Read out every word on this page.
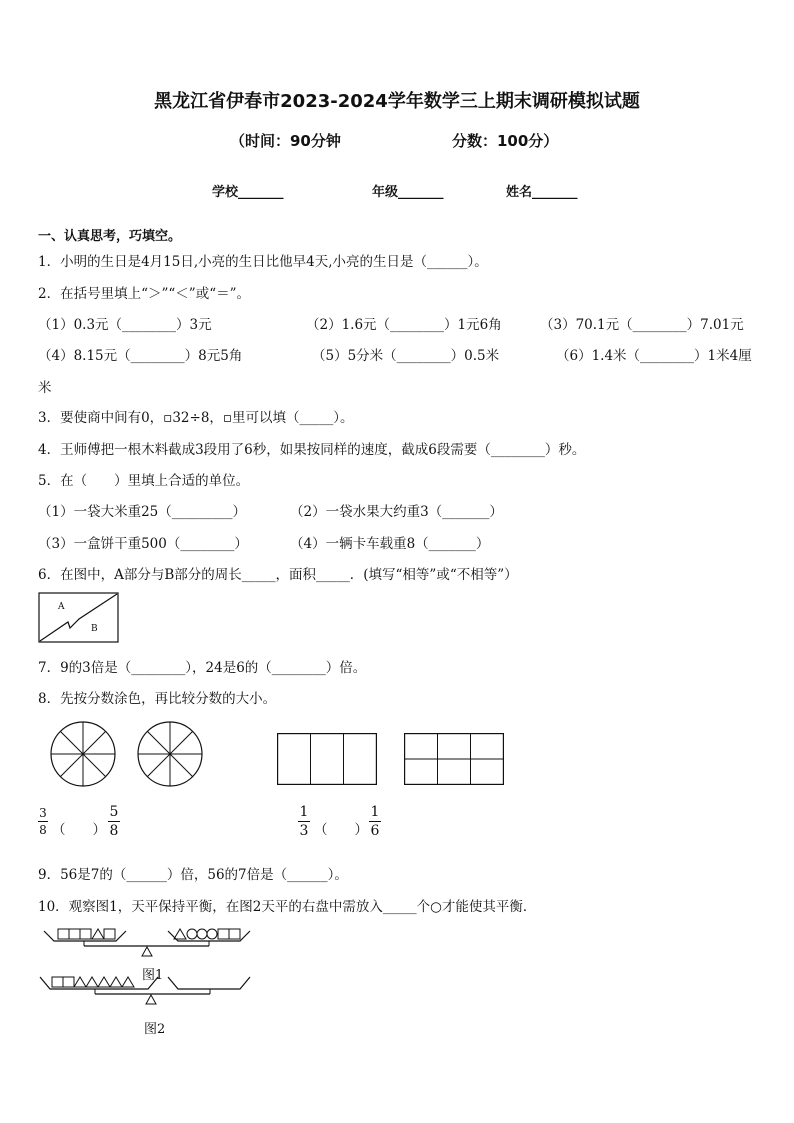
黑龙江省伊春市2023-2024学年数学三上期末调研模拟试题
（时间：90分钟	分数：100分）
学校_______	年级_______	姓名_______
一、认真思考，巧填空。
1．小明的生日是4月15日,小亮的生日比他早4天,小亮的生日是（______）。
2．在括号里填上“＞”“＜”或“＝”。
（1）0.3元（________）3元	（2）1.6元（________）1元6角	（3）70.1元（________）7.01元
（4）8.15元（________）8元5角	（5）5分米（________）0.5米	（6）1.4米（________）1米4厘
米
3．要使商中间有0，▫32÷8，▫里可以填（_____）。
4．王师傅把一根木料截成3段用了6秒，如果按同样的速度，截成6段需要（________）秒。
5．在（　　）里填上合适的单位。
（1）一袋大米重25（_________）	（2）一袋水果大约重3（_______）
（3）一盒饼干重500（________）	（4）一辆卡车载重8（_______）
6．在图中，A部分与B部分的周长_____，面积_____．(填写“相等”或“不相等”）
A
B
7．9的3倍是（________），24是6的（________）倍。
8．先按分数涂色，再比较分数的大小。
3
8 （　　）
5
8
1
3 （　　）
1
6
9．56是7的（______）倍，56的7倍是（______）。
10．观察图1，天平保持平衡，在图2天平的右盘中需放入_____个○才能使其平衡．
图1
图2
